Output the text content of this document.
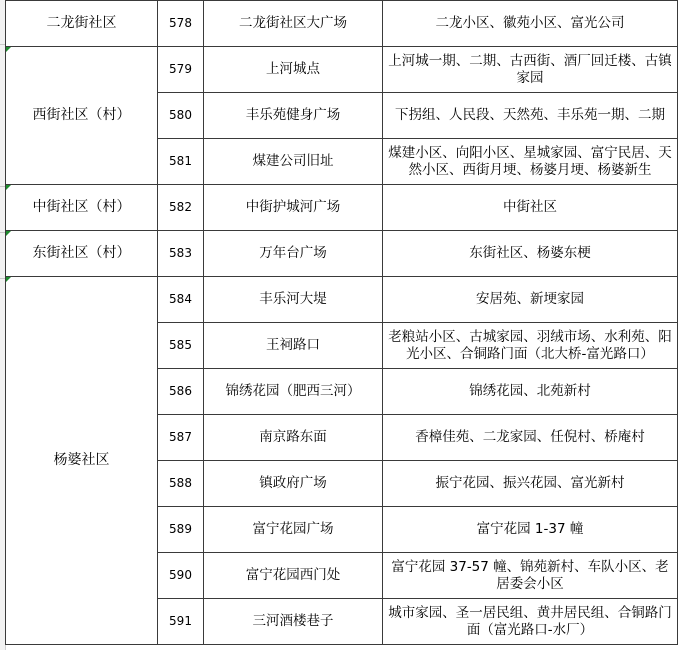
二龙街社区	578	二龙街社区大广场	二龙小区、徽苑小区、富光公司

西街社区（村）	579	上河城点	上河城一期、二期、古西街、酒厂回迁楼、古镇家园
	580	丰乐苑健身广场	下拐组、人民段、天然苑、丰乐苑一期、二期
	581	煤建公司旧址	煤建小区、向阳小区、星城家园、富宁民居、天然小区、西街月埂、杨婆月埂、杨婆新生

中街社区（村）	582	中街护城河广场	中街社区

东街社区（村）	583	万年台广场	东街社区、杨婆东梗

杨婆社区	584	丰乐河大堤	安居苑、新埂家园
	585	王祠路口	老粮站小区、古城家园、羽绒市场、水利苑、阳光小区、合铜路门面（北大桥-富光路口）
	586	锦绣花园（肥西三河）	锦绣花园、北苑新村
	587	南京路东面	香樟佳苑、二龙家园、任倪村、桥庵村
	588	镇政府广场	振宁花园、振兴花园、富光新村
	589	富宁花园广场	富宁花园 1-37 幢
	590	富宁花园西门处	富宁花园 37-57 幢、锦苑新村、车队小区、老居委会小区
	591	三河酒楼巷子	城市家园、圣一居民组、黄井居民组、合铜路门面（富光路口-水厂）
